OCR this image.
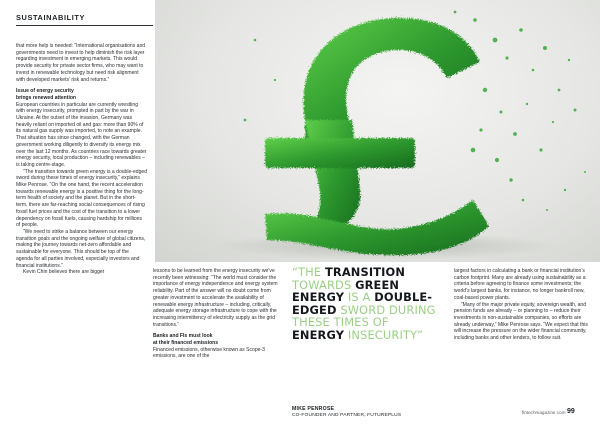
SUSTAINABILITY

that more help is needed: “International organisations and governments need to invest to help diminish the risk layer regarding investment in emerging markets. This would provide security for private sector firms, who may want to invest in renewable technology but need risk alignment with developed markets’ risk and returns.”

Issue of energy security

brings renewed attention

European countries in particular are currently wrestling with energy insecurity, prompted in part by the war in Ukraine. At the outset of the invasion, Germany was heavily reliant on imported oil and gas: more than 90% of its natural gas supply was imported, to note an example. That situation has since changed, with the German government working diligently to diversify its energy mix over the last 12 months. As countries race towards greater energy security, local production – including renewables – is taking centre-stage.

“The transition towards green energy is a double-edged sword during these times of energy insecurity,” explains Mike Penrose. “On the one hand, the recent acceleration towards renewable energy is a positive thing for the long-term health of society and the planet. But in the short-term, there are far-reaching social consequences of rising fossil fuel prices and the cost of the transition to a lower dependency on fossil fuels, causing hardship for millions of people.

“We need to strike a balance between our energy transition goals and the ongoing welfare of global citizens, making the journey towards net-zero affordable and sustainable for everyone. This should be top of the agenda for all parties involved, especially investors and financial institutions.”

Kevin Chin believes there are bigger	lessons to be learned from the energy insecurity we’ve recently been witnessing: “The world must consider the importance of energy independence and energy system reliability. Part of the answer will no doubt come from greater investment to accelerate the availability of renewable energy infrastructure – including, critically, adequate energy storage infrastructure to cope with the increasing intermittency of electricity supply as the grid transitions.”

Banks and FIs must look

at their financed emissions

Financed emissions, otherwise known as Scope-3 emissions, are one of the

“THE TRANSITION TOWARDS GREEN ENERGY IS A DOUBLE-EDGED SWORD DURING THESE TIMES OF ENERGY INSECURITY”
MIKE PENROSE
CO-FOUNDER AND PARTNER, FUTUREPLUS

largest factors in calculating a bank or financial institution’s carbon footprint. Many are already using sustainability as a criteria before agreeing to finance some investments; the world’s largest banks, for instance, no longer bankroll new, coal-based power plants.

“Many of the major private equity, sovereign wealth, and pension funds are already – or planning to – reduce their investments in non-sustainable companies, so efforts are already underway,” Mike Penrose says. “We expect that this will increase the pressure on the wider financial community, including banks and other lenders, to follow suit.

fintechmagazine.com 99
